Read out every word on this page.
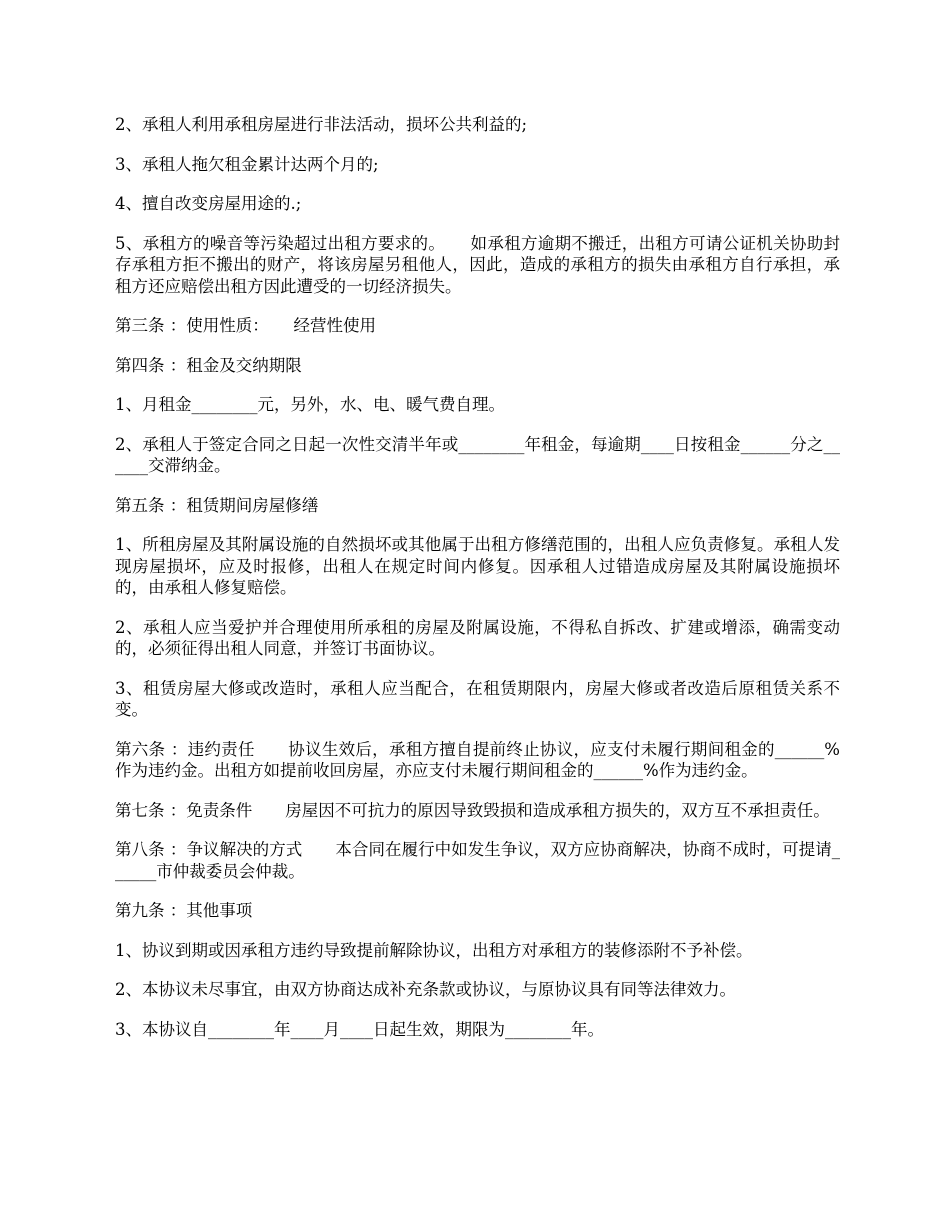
2、承租人利用承租房屋进行非法活动，损坏公共利益的;

3、承租人拖欠租金累计达两个月的;

4、擅自改变房屋用途的.;

5、承租方的噪音等污染超过出租方要求的。　　如承租方逾期不搬迁，出租方可请公证机关协助封存承租方拒不搬出的财产，将该房屋另租他人，因此，造成的承租方的损失由承租方自行承担，承租方还应赔偿出租方因此遭受的一切经济损失。

第三条 ：使用性质：　　经营性使用

第四条 ：租金及交纳期限

1、月租金________元，另外，水、电、暖气费自理。

2、承租人于签定合同之日起一次性交清半年或________年租金，每逾期____日按租金______分之______交滞纳金。

第五条 ：租赁期间房屋修缮

1、所租房屋及其附属设施的自然损坏或其他属于出租方修缮范围的，出租人应负责修复。承租人发现房屋损坏，应及时报修，出租人在规定时间内修复。因承租人过错造成房屋及其附属设施损坏的，由承租人修复赔偿。

2、承租人应当爱护并合理使用所承租的房屋及附属设施，不得私自拆改、扩建或增添，确需变动的，必须征得出租人同意，并签订书面协议。

3、租赁房屋大修或改造时，承租人应当配合，在租赁期限内，房屋大修或者改造后原租赁关系不变。

第六条 ：违约责任　　协议生效后，承租方擅自提前终止协议，应支付未履行期间租金的______%作为违约金。出租方如提前收回房屋，亦应支付未履行期间租金的______%作为违约金。

第七条 ：免责条件　　房屋因不可抗力的原因导致毁损和造成承租方损失的，双方互不承担责任。

第八条 ：争议解决的方式　　本合同在履行中如发生争议，双方应协商解决，协商不成时，可提请______市仲裁委员会仲裁。

第九条 ：其他事项

1、协议到期或因承租方违约导致提前解除协议，出租方对承租方的装修添附不予补偿。

2、本协议未尽事宜，由双方协商达成补充条款或协议，与原协议具有同等法律效力。

3、本协议自________年____月____日起生效，期限为________年。
